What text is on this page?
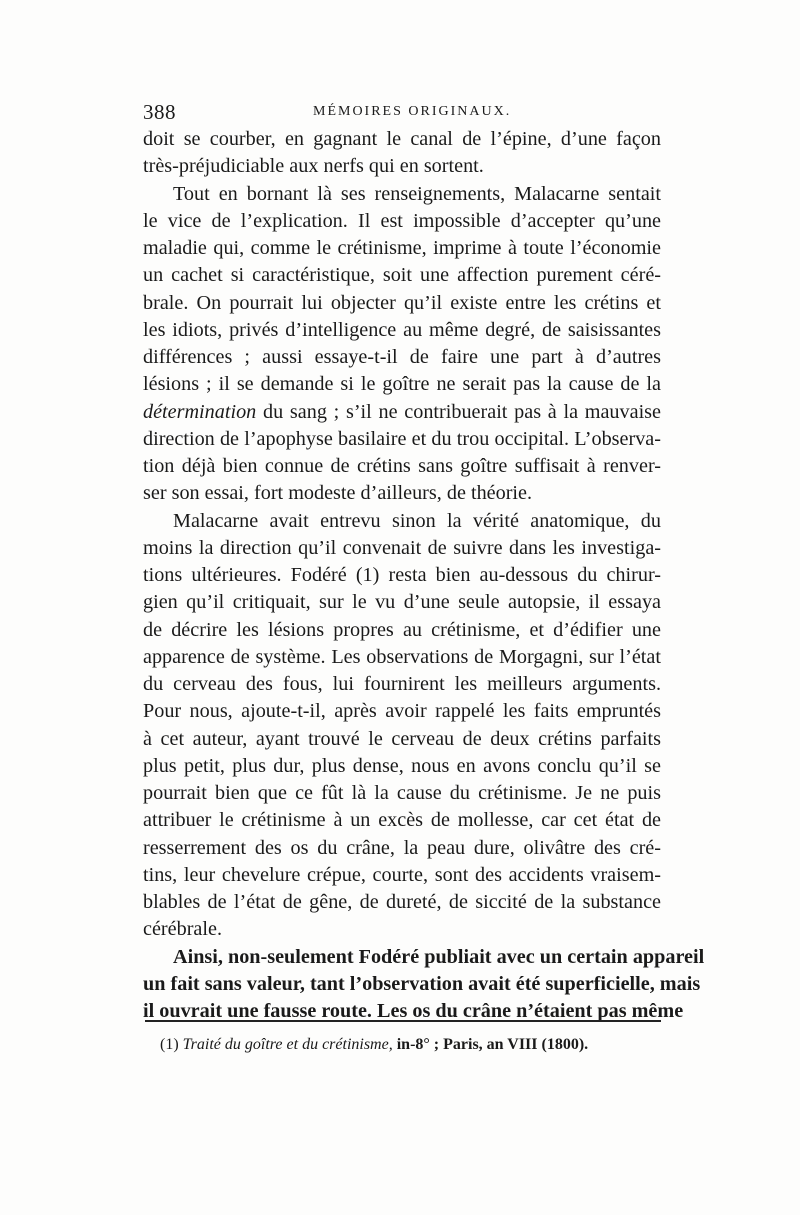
388	MÉMOIRES ORIGINAUX.
doit se courber, en gagnant le canal de l’épine, d’une façon
très-préjudiciable aux nerfs qui en sortent.
Tout en bornant là ses renseignements, Malacarne sentait
le vice de l’explication. Il est impossible d’accepter qu’une
maladie qui, comme le crétinisme, imprime à toute l’économie
un cachet si caractéristique, soit une affection purement céré-
brale. On pourrait lui objecter qu’il existe entre les crétins et
les idiots, privés d’intelligence au même degré, de saisissantes
différences ; aussi essaye-t-il de faire une part à d’autres
lésions ; il se demande si le goître ne serait pas la cause de la
détermination du sang ; s’il ne contribuerait pas à la mauvaise
direction de l’apophyse basilaire et du trou occipital. L’observa-
tion déjà bien connue de crétins sans goître suffisait à renver-
ser son essai, fort modeste d’ailleurs, de théorie.
Malacarne avait entrevu sinon la vérité anatomique, du
moins la direction qu’il convenait de suivre dans les investiga-
tions ultérieures. Fodéré (1) resta bien au-dessous du chirur-
gien qu’il critiquait, sur le vu d’une seule autopsie, il essaya
de décrire les lésions propres au crétinisme, et d’édifier une
apparence de système. Les observations de Morgagni, sur l’état
du cerveau des fous, lui fournirent les meilleurs arguments.
Pour nous, ajoute-t-il, après avoir rappelé les faits empruntés
à cet auteur, ayant trouvé le cerveau de deux crétins parfaits
plus petit, plus dur, plus dense, nous en avons conclu qu’il se
pourrait bien que ce fût là la cause du crétinisme. Je ne puis
attribuer le crétinisme à un excès de mollesse, car cet état de
resserrement des os du crâne, la peau dure, olivâtre des cré-
tins, leur chevelure crépue, courte, sont des accidents vraisem-
blables de l’état de gêne, de dureté, de siccité de la substance
cérébrale.
Ainsi, non-seulement Fodéré publiait avec un certain appareil
un fait sans valeur, tant l’observation avait été superficielle, mais
il ouvrait une fausse route. Les os du crâne n’étaient pas même
(1) Traité du goître et du crétinisme, in-8° ; Paris, an VIII (1800).
